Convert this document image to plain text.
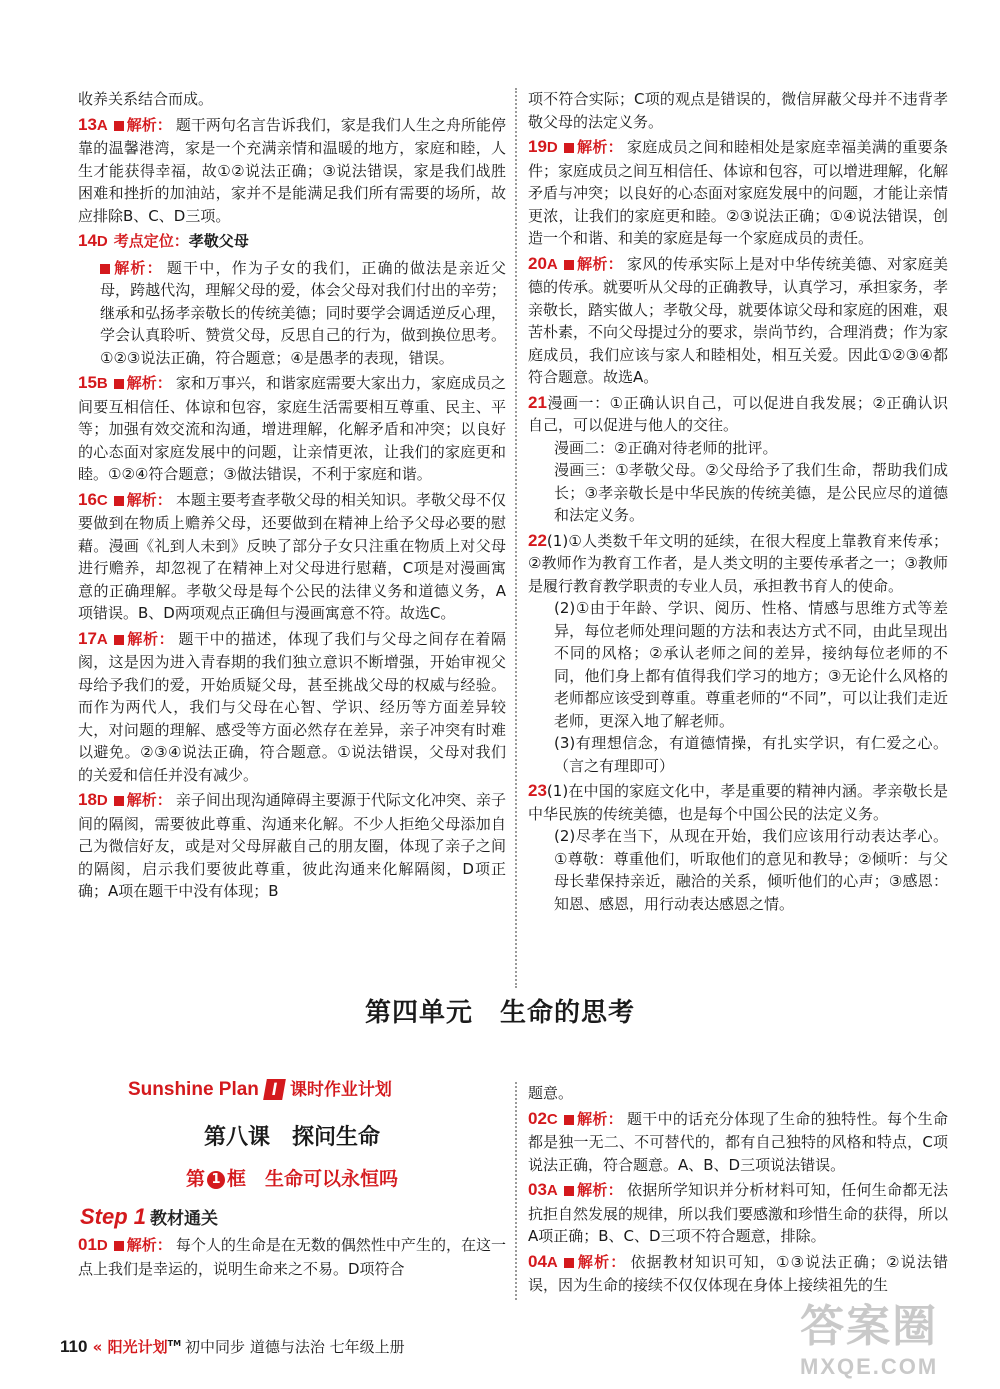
收养关系结合而成。

13A 解析： 题干两句名言告诉我们，家是我们人生之舟所能停靠的温馨港湾，家是一个充满亲情和温暖的地方，家庭和睦，人生才能获得幸福，故①②说法正确；③说法错误，家是我们战胜困难和挫折的加油站，家并不是能满足我们所有需要的场所，故应排除B、C、D三项。

14D 考点定位：孝敬父母

解析： 题干中，作为子女的我们，正确的做法是亲近父母，跨越代沟，理解父母的爱，体会父母对我们付出的辛劳；继承和弘扬孝亲敬长的传统美德；同时要学会调适逆反心理，学会认真聆听、赞赏父母，反思自己的行为，做到换位思考。①②③说法正确，符合题意；④是愚孝的表现，错误。

15B 解析： 家和万事兴，和谐家庭需要大家出力，家庭成员之间要互相信任、体谅和包容，家庭生活需要相互尊重、民主、平等；加强有效交流和沟通，增进理解，化解矛盾和冲突；以良好的心态面对家庭发展中的问题，让亲情更浓，让我们的家庭更和睦。①②④符合题意；③做法错误，不利于家庭和谐。

16C 解析： 本题主要考查孝敬父母的相关知识。孝敬父母不仅要做到在物质上赡养父母，还要做到在精神上给予父母必要的慰藉。漫画《礼到人未到》反映了部分子女只注重在物质上对父母进行赡养，却忽视了在精神上对父母进行慰藉，C项是对漫画寓意的正确理解。孝敬父母是每个公民的法律义务和道德义务，A项错误。B、D两项观点正确但与漫画寓意不符。故选C。

17A 解析： 题干中的描述，体现了我们与父母之间存在着隔阂，这是因为进入青春期的我们独立意识不断增强，开始审视父母给予我们的爱，开始质疑父母，甚至挑战父母的权威与经验。而作为两代人，我们与父母在心智、学识、经历等方面差异较大，对问题的理解、感受等方面必然存在差异，亲子冲突有时难以避免。②③④说法正确，符合题意。①说法错误，父母对我们的关爱和信任并没有减少。

18D 解析： 亲子间出现沟通障碍主要源于代际文化冲突、亲子间的隔阂，需要彼此尊重、沟通来化解。不少人拒绝父母添加自己为微信好友，或是对父母屏蔽自己的朋友圈，体现了亲子之间的隔阂，启示我们要彼此尊重，彼此沟通来化解隔阂，D项正确；A项在题干中没有体现；B

项不符合实际；C项的观点是错误的，微信屏蔽父母并不违背孝敬父母的法定义务。

19D 解析： 家庭成员之间和睦相处是家庭幸福美满的重要条件；家庭成员之间互相信任、体谅和包容，可以增进理解，化解矛盾与冲突；以良好的心态面对家庭发展中的问题，才能让亲情更浓，让我们的家庭更和睦。②③说法正确；①④说法错误，创造一个和谐、和美的家庭是每一个家庭成员的责任。

20A 解析： 家风的传承实际上是对中华传统美德、对家庭美德的传承。就要听从父母的正确教导，认真学习，承担家务，孝亲敬长，踏实做人；孝敬父母，就要体谅父母和家庭的困难，艰苦朴素，不向父母提过分的要求，崇尚节约，合理消费；作为家庭成员，我们应该与家人和睦相处，相互关爱。因此①②③④都符合题意。故选A。

21漫画一：①正确认识自己，可以促进自我发展；②正确认识自己，可以促进与他人的交往。

漫画二：②正确对待老师的批评。

漫画三：①孝敬父母。②父母给予了我们生命，帮助我们成长；③孝亲敬长是中华民族的传统美德，是公民应尽的道德和法定义务。

22(1)①人类数千年文明的延续，在很大程度上靠教育来传承；②教师作为教育工作者，是人类文明的主要传承者之一；③教师是履行教育教学职责的专业人员，承担教书育人的使命。

(2)①由于年龄、学识、阅历、性格、情感与思维方式等差异，每位老师处理问题的方法和表达方式不同，由此呈现出不同的风格；②承认老师之间的差异，接纳每位老师的不同，他们身上都有值得我们学习的地方；③无论什么风格的老师都应该受到尊重。尊重老师的“不同”，可以让我们走近老师，更深入地了解老师。

(3)有理想信念，有道德情操，有扎实学识，有仁爱之心。（言之有理即可）

23(1)在中国的家庭文化中，孝是重要的精神内涵。孝亲敬长是中华民族的传统美德，也是每个中国公民的法定义务。

(2)尽孝在当下，从现在开始，我们应该用行动表达孝心。①尊敬：尊重他们，听取他们的意见和教导；②倾听：与父母长辈保持亲近，融洽的关系，倾听他们的心声；③感恩：知恩、感恩，用行动表达感恩之情。

第四单元　生命的思考
Sunshine Plan I 课时作业计划
第八课　探问生命
第 1 框　生命可以永恒吗
Step 1 教材通关

01D 解析： 每个人的生命是在无数的偶然性中产生的，在这一点上我们是幸运的，说明生命来之不易。D项符合

题意。

02C 解析： 题干中的话充分体现了生命的独特性。每个生命都是独一无二、不可替代的，都有自己独特的风格和特点，C项说法正确，符合题意。A、B、D三项说法错误。

03A 解析： 依据所学知识并分析材料可知，任何生命都无法抗拒自然发展的规律，所以我们要感激和珍惜生命的获得，所以A项正确；B、C、D三项不符合题意，排除。

04A 解析： 依据教材知识可知，①③说法正确；②说法错误，因为生命的接续不仅仅体现在身体上接续祖先的生

110 « 阳光计划™ 初中同步 道德与法治 七年级上册	答案圈
MXQE.COM
